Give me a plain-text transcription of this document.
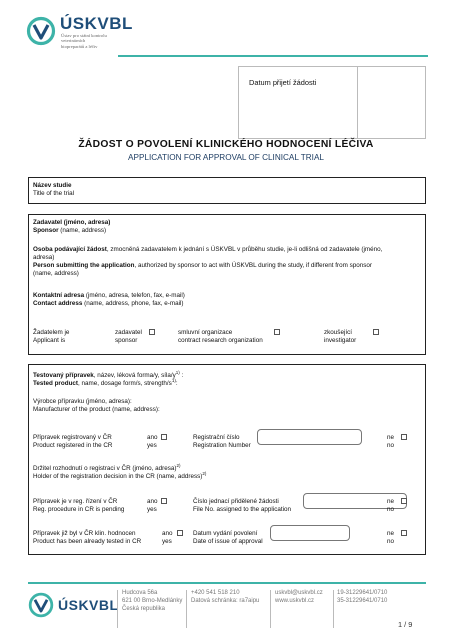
ÚSKVBL
Ústav pro státní kontrolu
veterinárních
biopreparátů a léčiv
Datum přijetí žádosti
ŽÁDOST O POVOLENÍ KLINICKÉHO HODNOCENÍ LÉČIVA
APPLICATION FOR APPROVAL OF CLINICAL TRIAL
Název studie
Title of the trial
Zadavatel (jméno, adresa)
Sponsor (name, address)
Osoba podávající žádost, zmocněná zadavatelem k jednání s ÚSKVBL v průběhu studie, je-li odlišná od zadavatele (jméno,
adresa)
Person submitting the application, authorized by sponsor to act with ÚSKVBL during the study, if different from sponsor
(name, address)
Kontaktní adresa (jméno, adresa, telefon, fax, e-mail)
Contact address (name, address, phone, fax, e-mail)
Žadatelem je
Applicant is
zadavatel
sponsor
smluvní organizace
contract research organization
zkoušející
investigator
Testovaný přípravek, název, léková forma/y, síla/$y^{1)}$ :
Tested product, name, dosage form/s, strength/$s^{1)}$:
Výrobce přípravku (jméno, adresa):
Manufacturer of the product (name, address):
Přípravek registrovaný v ČR
Product registered in the CR
ano
yes
Registrační číslo
Registration Number
ne
no
Držitel rozhodnutí o registraci v ČR (jméno, adresa)$^{2)}$
Holder of the registration decision in the CR (name, address)$^{2)}$
Přípravek je v reg. řízení v ČR
Reg. procedure in CR is pending
ano
yes
Číslo jednací přidělené žádosti
File No. assigned to the application
ne
no
Přípravek již byl v ČR klin. hodnocen
Product has been already tested in CR
ano
yes
Datum vydání povolení
Date of issue of approval
ne
no
ÚSKVBL
Hudcova 56a
621 00 Brno-Medlánky
Česká republika
+420 541 518 210
Datová schránka: ra7aipu
uskvbl@uskvbl.cz
www.uskvbl.cz
19-31229641/0710
35-31229641/0710
1 / 9
